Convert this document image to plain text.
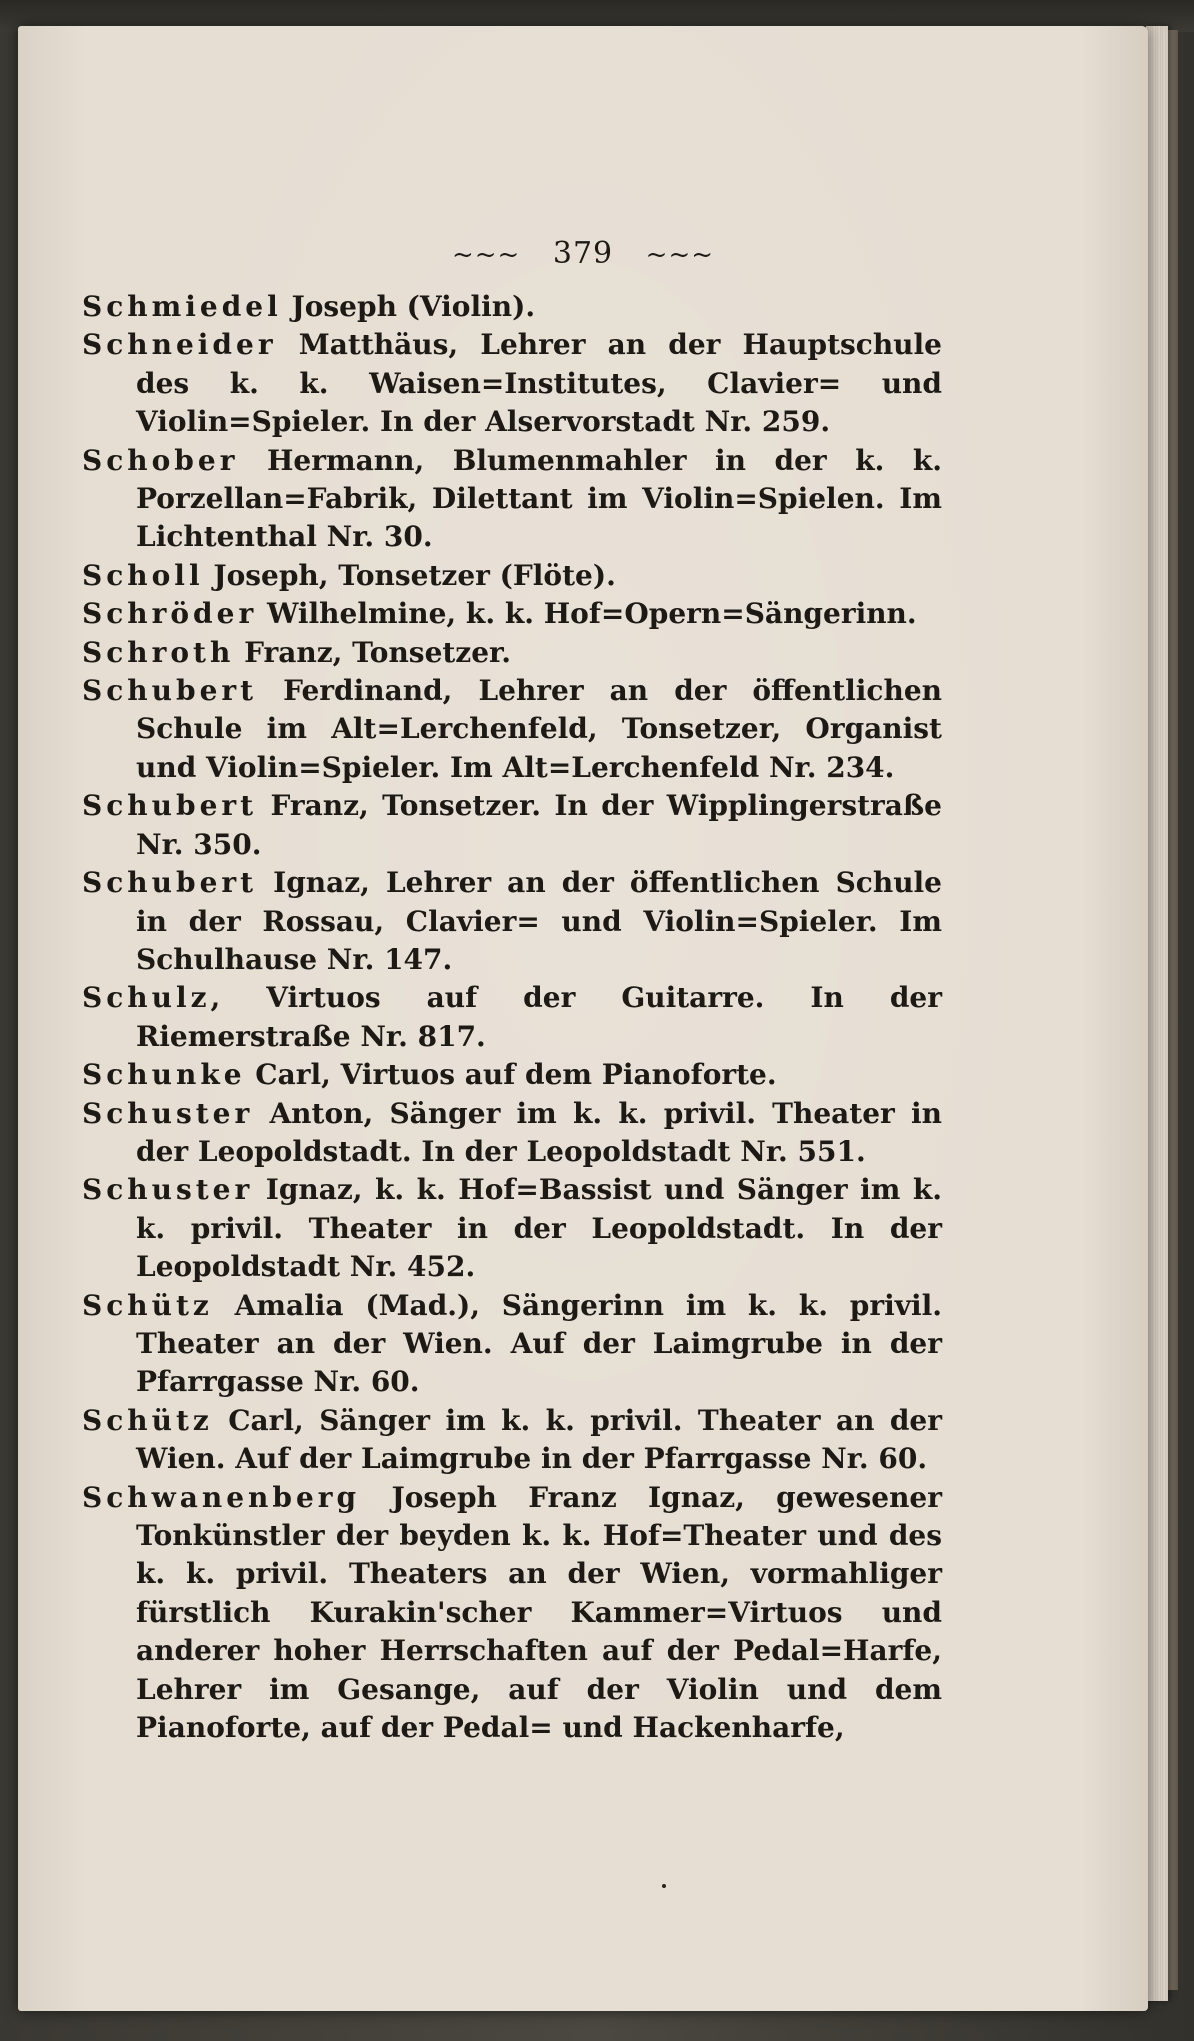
~~~ 379 ~~~

Schmiedel Joseph (Violin).

Schneider Matthäus, Lehrer an der Hauptschule des k. k. Waisen=Institutes, Clavier= und Violin=Spieler. In der Alservorstadt Nr. 259.

Schober Hermann, Blumenmahler in der k. k. Porzellan=Fabrik, Dilettant im Violin=Spielen. Im Lichtenthal Nr. 30.

Scholl Joseph, Tonsetzer (Flöte).

Schröder Wilhelmine, k. k. Hof=Opern=Sängerinn.

Schroth Franz, Tonsetzer.

Schubert Ferdinand, Lehrer an der öffentlichen Schule im Alt=Lerchenfeld, Tonsetzer, Organist und Violin=Spieler. Im Alt=Lerchenfeld Nr. 234.

Schubert Franz, Tonsetzer. In der Wipplingerstraße Nr. 350.

Schubert Ignaz, Lehrer an der öffentlichen Schule in der Rossau, Clavier= und Violin=Spieler. Im Schulhause Nr. 147.

Schulz, Virtuos auf der Guitarre. In der Riemerstraße Nr. 817.

Schunke Carl, Virtuos auf dem Pianoforte.

Schuster Anton, Sänger im k. k. privil. Theater in der Leopoldstadt. In der Leopoldstadt Nr. 551.

Schuster Ignaz, k. k. Hof=Bassist und Sänger im k. k. privil. Theater in der Leopoldstadt. In der Leopoldstadt Nr. 452.

Schütz Amalia (Mad.), Sängerinn im k. k. privil. Theater an der Wien. Auf der Laimgrube in der Pfarrgasse Nr. 60.

Schütz Carl, Sänger im k. k. privil. Theater an der Wien. Auf der Laimgrube in der Pfarrgasse Nr. 60.

Schwanenberg Joseph Franz Ignaz, gewesener Tonkünstler der beyden k. k. Hof=Theater und des k. k. privil. Theaters an der Wien, vormahliger fürstlich Kurakin'scher Kammer=Virtuos und anderer hoher Herrschaften auf der Pedal=Harfe, Lehrer im Gesange, auf der Violin und dem Pianoforte, auf der Pedal= und Hackenharfe,
